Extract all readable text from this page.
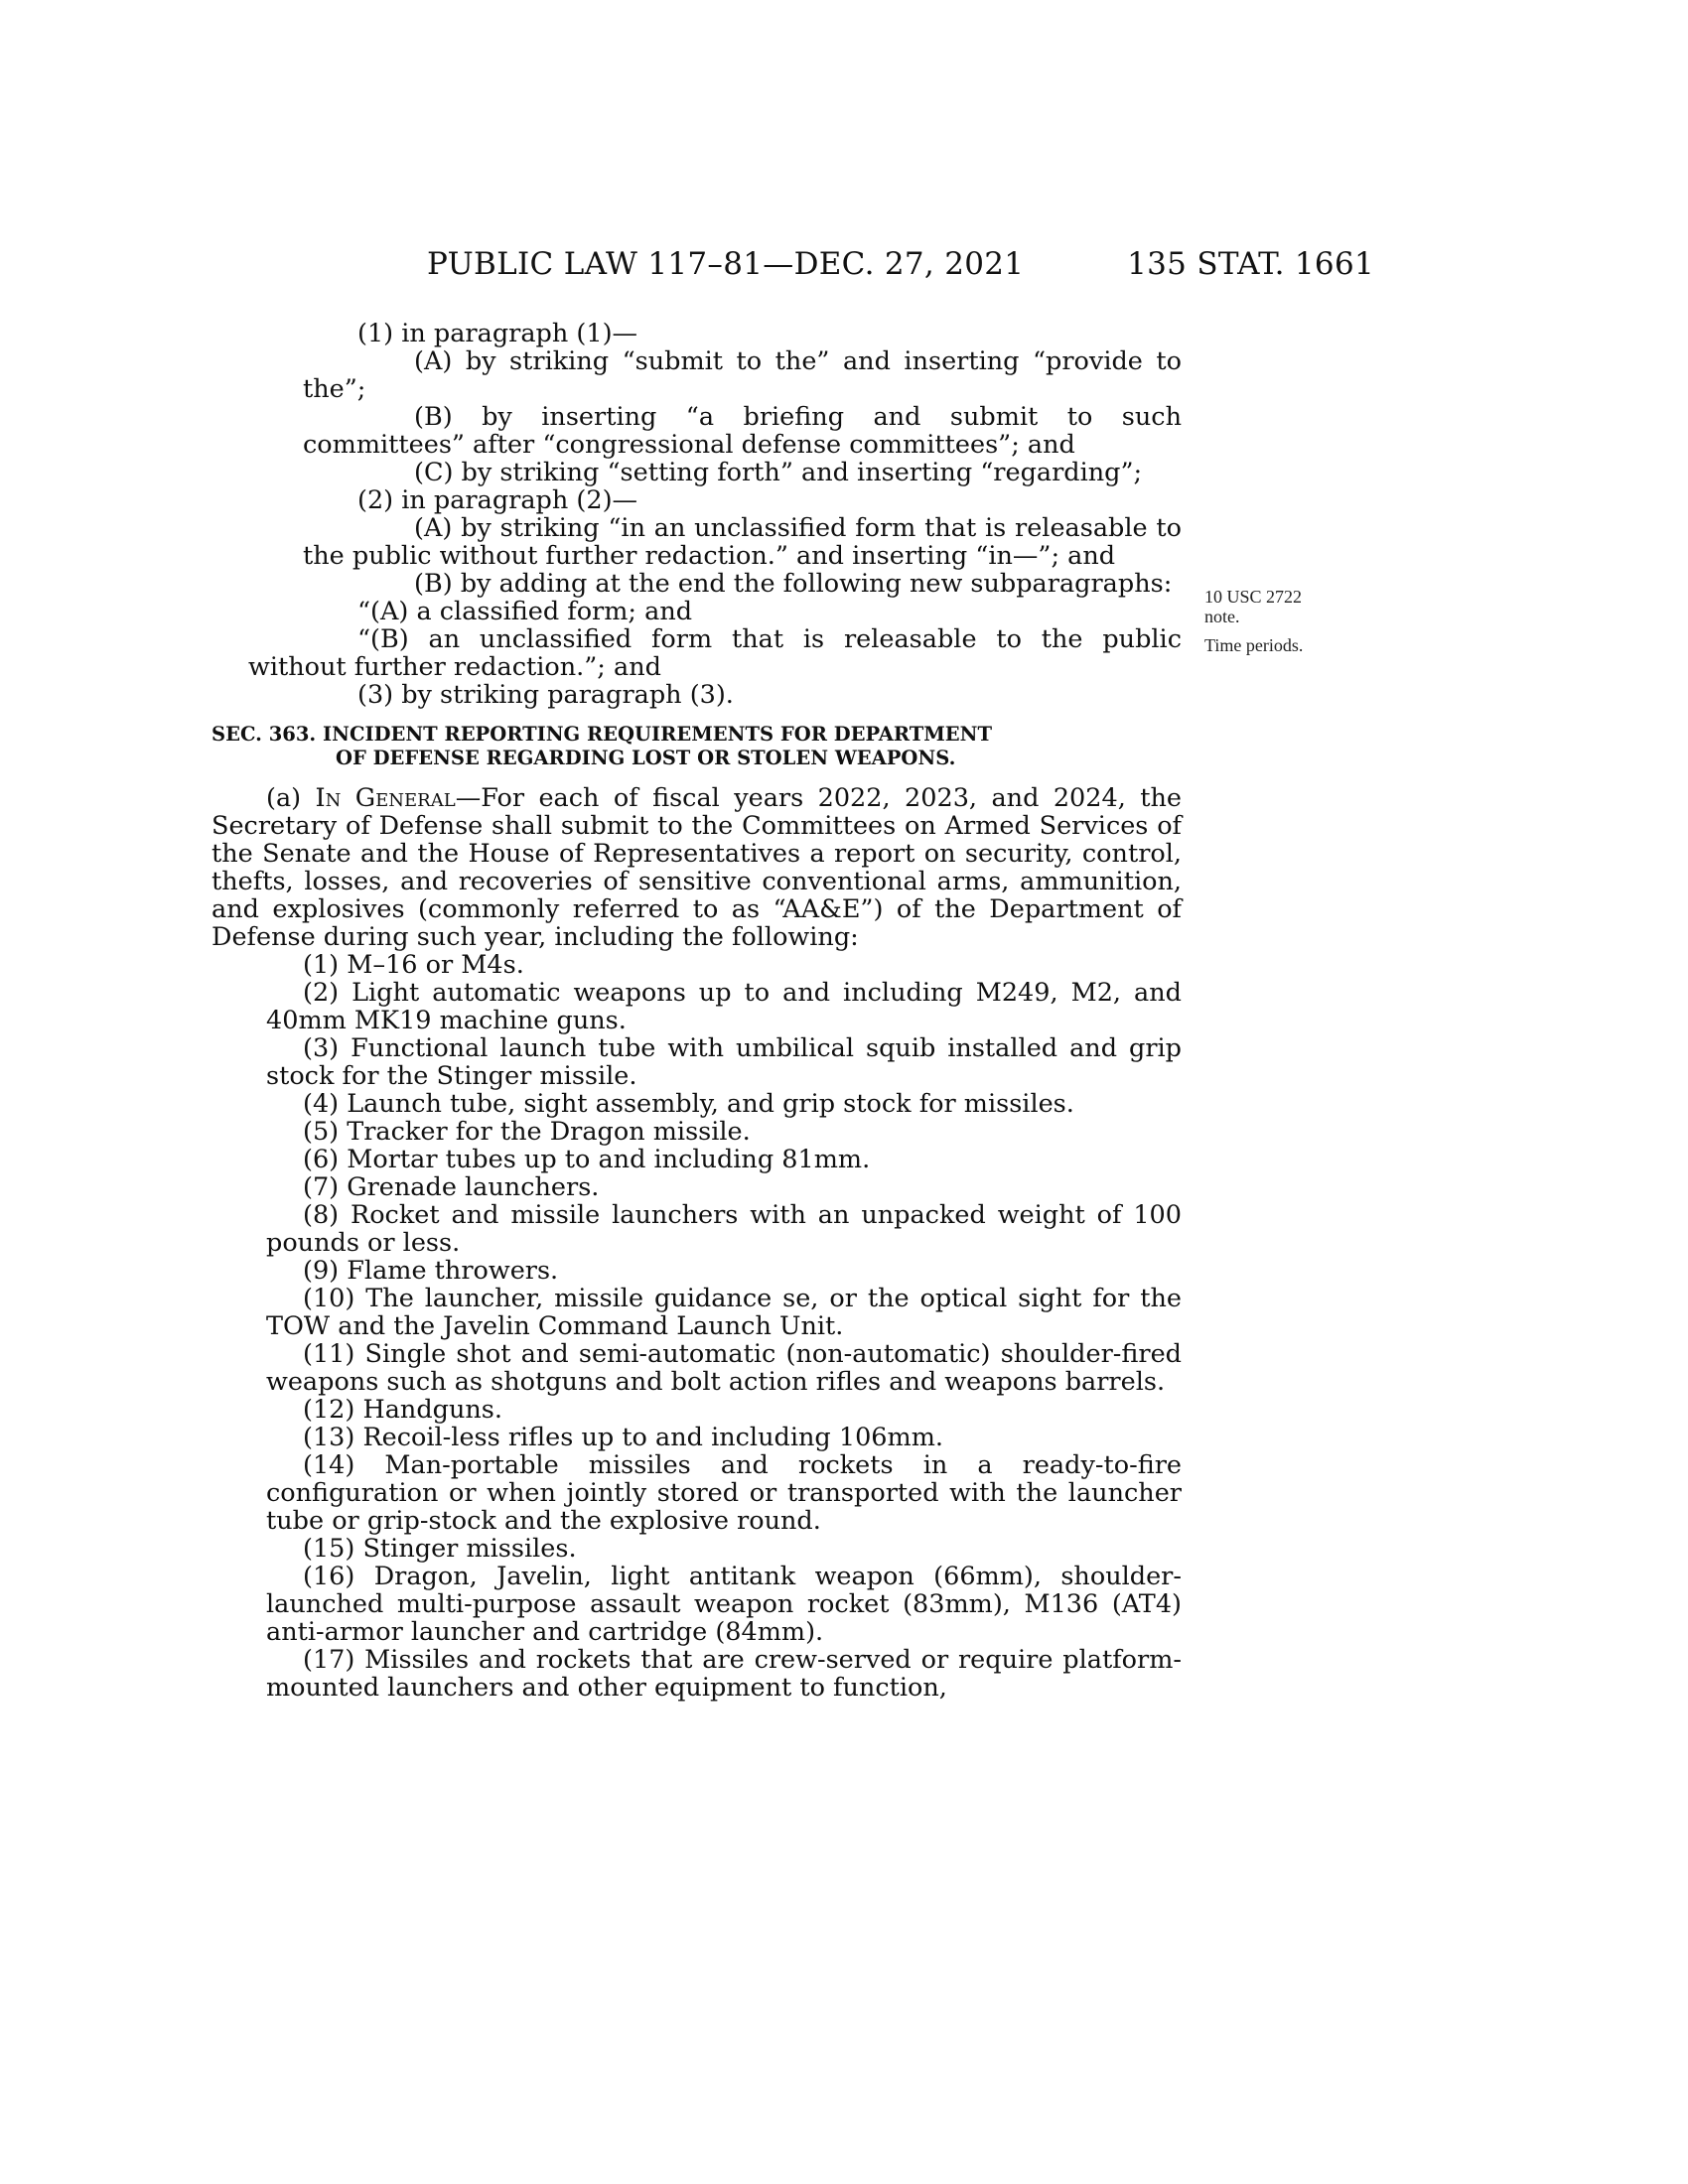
PUBLIC LAW 117–81—DEC. 27, 2021	135 STAT. 1661

(1) in paragraph (1)—

(A) by striking “submit to the” and inserting “provide to the”;

(B) by inserting “a briefing and submit to such committees” after “congressional defense committees”; and

(C) by striking “setting forth” and inserting “regarding”;

(2) in paragraph (2)—

(A) by striking “in an unclassified form that is releasable to the public without further redaction.” and inserting “in—”; and

(B) by adding at the end the following new subparagraphs:

“(A) a classified form; and

“(B) an unclassified form that is releasable to the public without further redaction.”; and

(3) by striking paragraph (3).

SEC. 363. INCIDENT REPORTING REQUIREMENTS FOR DEPARTMENT
OF DEFENSE REGARDING LOST OR STOLEN WEAPONS.

(a) In General—For each of fiscal years 2022, 2023, and 2024, the Secretary of Defense shall submit to the Committees on Armed Services of the Senate and the House of Representatives a report on security, control, thefts, losses, and recoveries of sensitive conventional arms, ammunition, and explosives (commonly referred to as “AA&E”) of the Department of Defense during such year, including the following:

(1) M–16 or M4s.

(2) Light automatic weapons up to and including M249, M2, and 40mm MK19 machine guns.

(3) Functional launch tube with umbilical squib installed and grip stock for the Stinger missile.

(4) Launch tube, sight assembly, and grip stock for missiles.

(5) Tracker for the Dragon missile.

(6) Mortar tubes up to and including 81mm.

(7) Grenade launchers.

(8) Rocket and missile launchers with an unpacked weight of 100 pounds or less.

(9) Flame throwers.

(10) The launcher, missile guidance se, or the optical sight for the TOW and the Javelin Command Launch Unit.

(11) Single shot and semi-automatic (non-automatic) shoulder-fired weapons such as shotguns and bolt action rifles and weapons barrels.

(12) Handguns.

(13) Recoil-less rifles up to and including 106mm.

(14) Man-portable missiles and rockets in a ready-to-fire configuration or when jointly stored or transported with the launcher tube or grip-stock and the explosive round.

(15) Stinger missiles.

(16) Dragon, Javelin, light antitank weapon (66mm), shoulder-launched multi-purpose assault weapon rocket (83mm), M136 (AT4) anti-armor launcher and cartridge (84mm).

(17) Missiles and rockets that are crew-served or require platform-mounted launchers and other equipment to function,

10 USC 2722
note.
Time periods.
